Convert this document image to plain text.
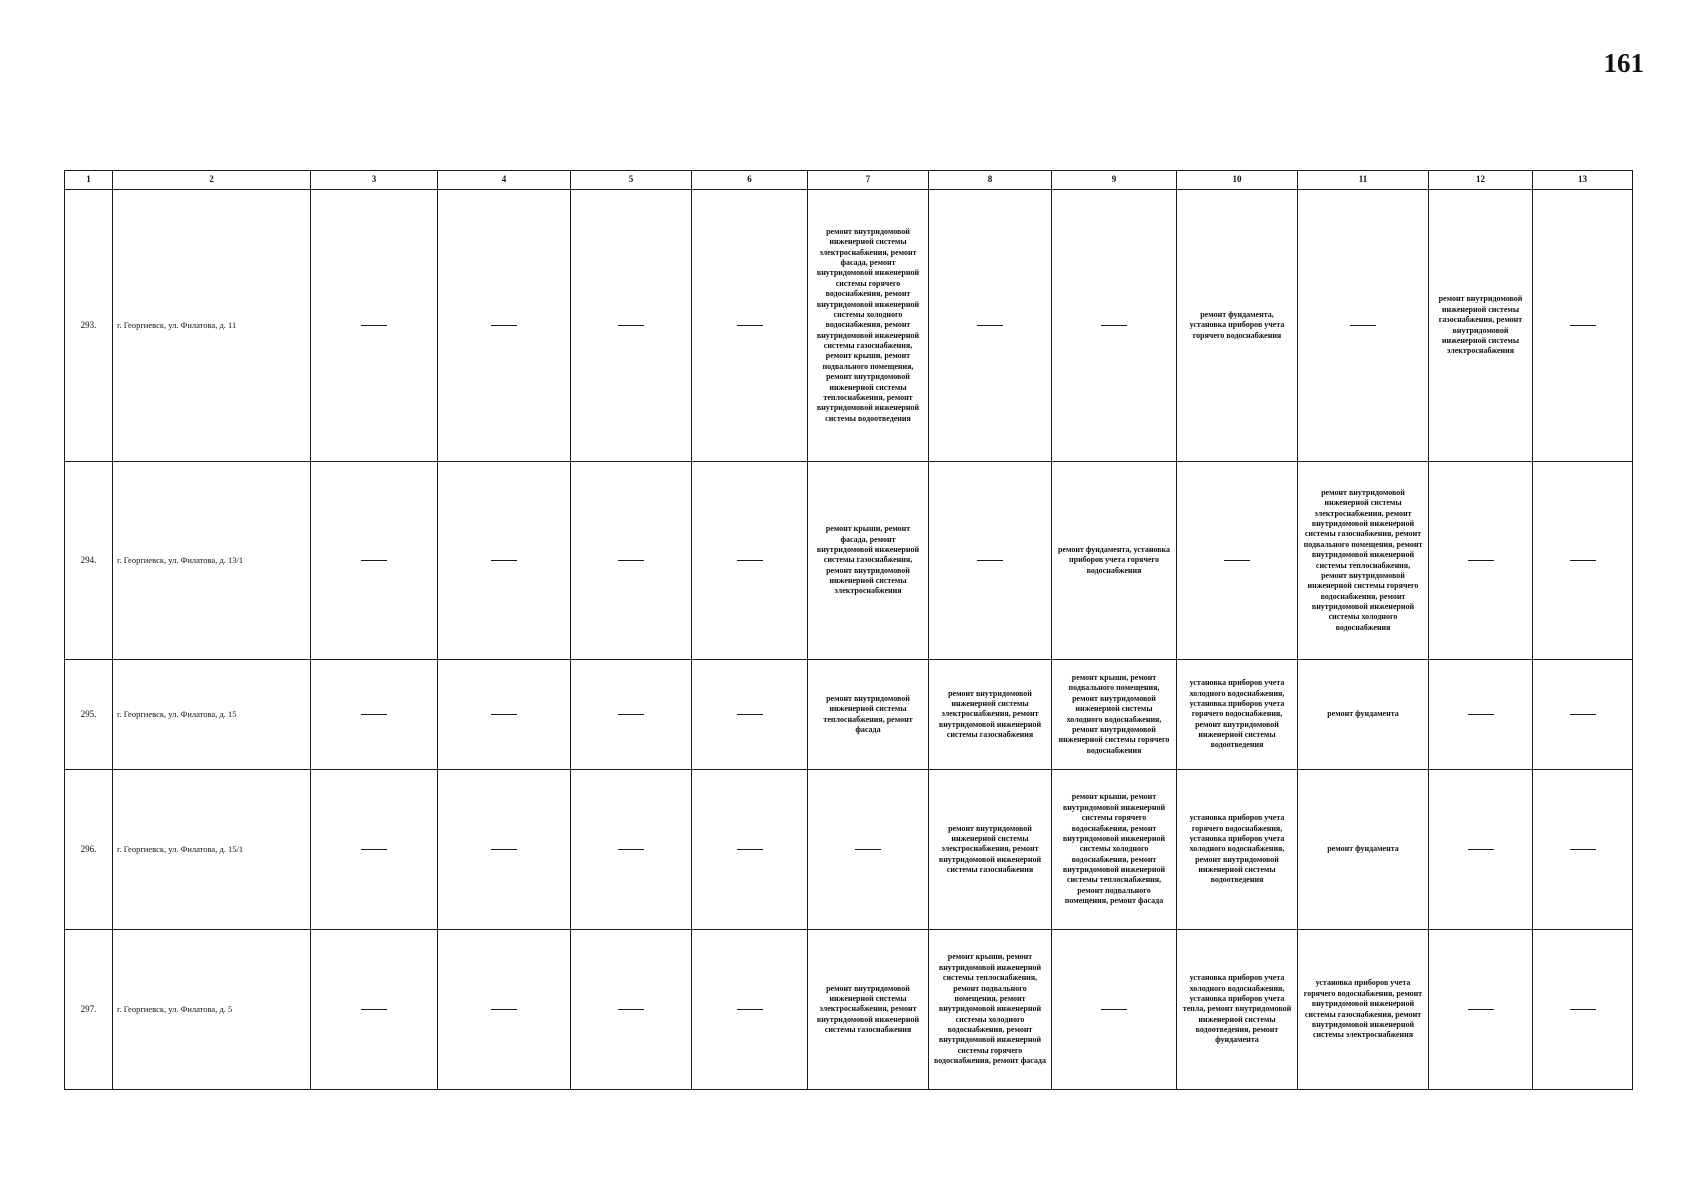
161
1	2	3	4	5	6	7	8	9	10	11	12	13
293.	г. Георгиевск, ул. Филатова, д. 11					ремонт внутридомовой инженерной системы электроснабжения, ремонт фасада, ремонт внутридомовой инженерной системы горячего водоснабжения, ремонт внутридомовой инженерной системы холодного водоснабжения, ремонт внутридомовой инженерной системы газоснабжения, ремонт крыши, ремонт подвального помещения, ремонт внутридомовой инженерной системы теплоснабжения, ремонт внутридомовой инженерной системы водоотведения			ремонт фундамента, установка приборов учета горячего водоснабжения		ремонт внутридомовой инженерной системы газоснабжения, ремонт внутридомовой инженерной системы электроснабжения	
294.	г. Георгиевск, ул. Филатова, д. 13/1					ремонт крыши, ремонт фасада, ремонт внутридомовой инженерной системы газоснабжения, ремонт внутридомовой инженерной системы электроснабжения		ремонт фундамента, установка приборов учета горячего водоснабжения		ремонт внутридомовой инженерной системы электроснабжения, ремонт внутридомовой инженерной системы газоснабжения, ремонт подвального помещения, ремонт внутридомовой инженерной системы теплоснабжения, ремонт внутридомовой инженерной системы горячего водоснабжения, ремонт внутридомовой инженерной системы холодного водоснабжения		
295.	г. Георгиевск, ул. Филатова, д. 15					ремонт внутридомовой инженерной системы теплоснабжения, ремонт фасада	ремонт внутридомовой инженерной системы электроснабжения, ремонт внутридомовой инженерной системы газоснабжения	ремонт крыши, ремонт подвального помещения, ремонт внутридомовой инженерной системы холодного водоснабжения, ремонт внутридомовой инженерной системы горячего водоснабжения	установка приборов учета холодного водоснабжения, установка приборов учета горячего водоснабжения, ремонт внутридомовой инженерной системы водоотведения	ремонт фундамента		
296.	г. Георгиевск, ул. Филатова, д. 15/1						ремонт внутридомовой инженерной системы электроснабжения, ремонт внутридомовой инженерной системы газоснабжения	ремонт крыши, ремонт внутридомовой инженерной системы горячего водоснабжения, ремонт внутридомовой инженерной системы холодного водоснабжения, ремонт внутридомовой инженерной системы теплоснабжения, ремонт подвального помещения, ремонт фасада	установка приборов учета горячего водоснабжения, установка приборов учета холодного водоснабжения, ремонт внутридомовой инженерной системы водоотведения	ремонт фундамента		
297.	г. Георгиевск, ул. Филатова, д. 5					ремонт внутридомовой инженерной системы электроснабжения, ремонт внутридомовой инженерной системы газоснабжения	ремонт крыши, ремонт внутридомовой инженерной системы теплоснабжения, ремонт подвального помещения, ремонт внутридомовой инженерной системы холодного водоснабжения, ремонт внутридомовой инженерной системы горячего водоснабжения, ремонт фасада		установка приборов учета холодного водоснабжения, установка приборов учета тепла, ремонт внутридомовой инженерной системы водоотведения, ремонт фундамента	установка приборов учета горячего водоснабжения, ремонт внутридомовой инженерной системы газоснабжения, ремонт внутридомовой инженерной системы электроснабжения		
